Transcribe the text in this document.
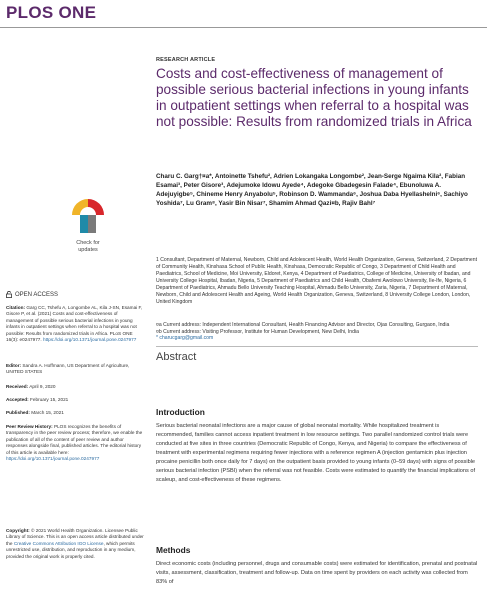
PLOS ONE
RESEARCH ARTICLE
Costs and cost-effectiveness of management of possible serious bacterial infections in young infants in outpatient settings when referral to a hospital was not possible: Results from randomized trials in Africa
Charu C. Garg†¤a*, Antoinette Tshefu², Adrien Lokangaka Longombe², Jean-Serge Ngaima Kila², Fabian Esamai³, Peter Gisore³, Adejumoke Idowu Ayede⁴, Adegoke Gbadegesin Falade⁴, Ebunoluwa A. Adejuyigbe⁵, Chineme Henry Anyabolu⁵, Robinson D. Wammanda⁶, Joshua Daba Hyellashelni⁶, Sachiyo Yoshida⁷, Lu Gram⁸, Yasir Bin Nisar⁷, Shamim Ahmad Qazi¤b, Rajiv Bahl⁷
1 Consultant, Department of Maternal, Newborn, Child and Adolescent Health, World Health Organization, Geneva, Switzerland, 2 Department of Community Health, Kinshasa School of Public Health, Kinshasa, Democratic Republic of Congo, 3 Department of Child Health and Paediatrics, School of Medicine, Moi University, Eldoret, Kenya, 4 Department of Paediatrics, College of Medicine, University of Ibadan, and University College Hospital, Ibadan, Nigeria, 5 Department of Paediatrics and Child Health, Obafemi Awolowo University, Ile-Ife, Nigeria, 6 Department of Paediatrics, Ahmadu Bello University Teaching Hospital, Ahmadu Bello University, Zaria, Nigeria, 7 Department of Maternal, Newborn, Child and Adolescent Health and Ageing, World Health Organization, Geneva, Switzerland, 8 University College London, London, United Kingdom
¤a Current address: Independent International Consultant, Health Financing Advisor and Director, Ojas Consulting, Gurgaon, India
¤b Current address: Visiting Professor, Institute for Human Development, New Delhi, India
* charucgarg@gmail.com
Abstract
Introduction
Serious bacterial neonatal infections are a major cause of global neonatal mortality. While hospitalized treatment is recommended, families cannot access inpatient treatment in low resource settings. Two parallel randomized control trials were conducted at five sites in three countries (Democratic Republic of Congo, Kenya, and Nigeria) to compare the effectiveness of treatment with experimental regimens requiring fewer injections with a reference regimen A (injection gentamicin plus injection procaine penicillin both once daily for 7 days) on the outpatient basis provided to young infants (0–59 days) with signs of possible serious bacterial infection (PSBI) when the referral was not feasible. Costs were estimated to quantify the financial implications of scaleup, and cost-effectiveness of these regimens.
Methods
Direct economic costs (including personnel, drugs and consumable costs) were estimated for identification, prenatal and postnatal visits, assessment, classification, treatment and follow-up. Data on time spent by providers on each activity was collected from 83% of
Check for
updates
OPEN ACCESS
Citation: Garg CC, Tshefu A, Longombe AL, Kila J-SN, Esamai F, Gisore P, et al. (2021) Costs and cost-effectiveness of management of possible serious bacterial infections in young infants in outpatient settings when referral to a hospital was not possible: Results from randomized trials in Africa. PLoS ONE 16(3): e0247977. https://doi.org/10.1371/journal.pone.0247977
Editor: Sandra A. Hoffmann, US Department of Agriculture, UNITED STATES
Received: April 9, 2020
Accepted: February 15, 2021
Published: March 15, 2021
Peer Review History: PLOS recognizes the benefits of transparency in the peer review process; therefore, we enable the publication of all of the content of peer review and author responses alongside final, published articles. The editorial history of this article is available here: https://doi.org/10.1371/journal.pone.0247977
Copyright: © 2021 World Health Organization. Licensee Public Library of Science. This is an open access article distributed under the Creative Commons Attribution IGO License, which permits unrestricted use, distribution, and reproduction in any medium, provided the original work is properly cited.
